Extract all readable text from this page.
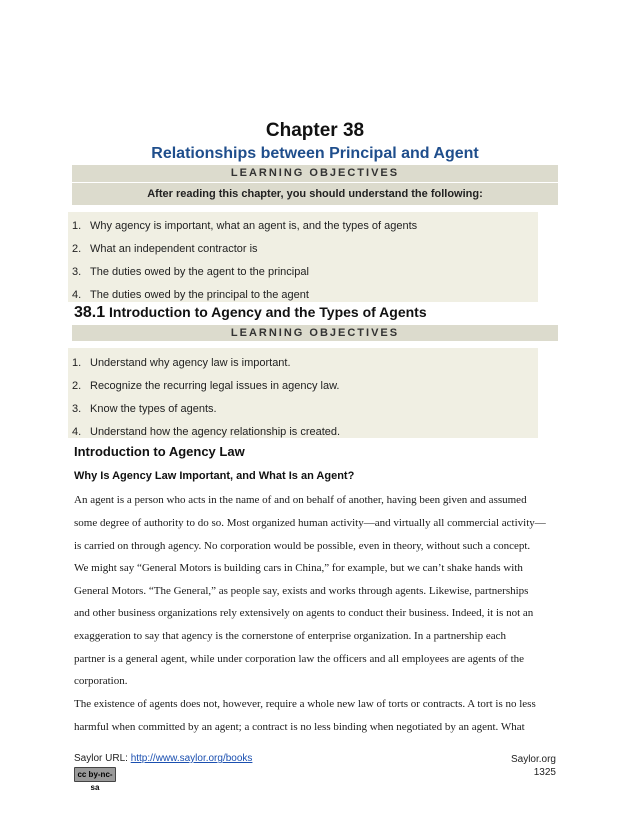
Chapter 38
Relationships between Principal and Agent
LEARNING OBJECTIVES
After reading this chapter, you should understand the following:
1. Why agency is important, what an agent is, and the types of agents
2. What an independent contractor is
3. The duties owed by the agent to the principal
4. The duties owed by the principal to the agent
38.1 Introduction to Agency and the Types of Agents
LEARNING OBJECTIVES
1. Understand why agency law is important.
2. Recognize the recurring legal issues in agency law.
3. Know the types of agents.
4. Understand how the agency relationship is created.
Introduction to Agency Law
Why Is Agency Law Important, and What Is an Agent?
An agent is a person who acts in the name of and on behalf of another, having been given and assumed
some degree of authority to do so. Most organized human activity—and virtually all commercial activity—
is carried on through agency. No corporation would be possible, even in theory, without such a concept.
We might say “General Motors is building cars in China,” for example, but we can’t shake hands with
General Motors. “The General,” as people say, exists and works through agents. Likewise, partnerships
and other business organizations rely extensively on agents to conduct their business. Indeed, it is not an
exaggeration to say that agency is the cornerstone of enterprise organization. In a partnership each
partner is a general agent, while under corporation law the officers and all employees are agents of the
corporation.
The existence of agents does not, however, require a whole new law of torts or contracts. A tort is no less
harmful when committed by an agent; a contract is no less binding when negotiated by an agent. What
Saylor URL: http://www.saylor.org/books
cc by-nc-sa
Saylor.org
1325
